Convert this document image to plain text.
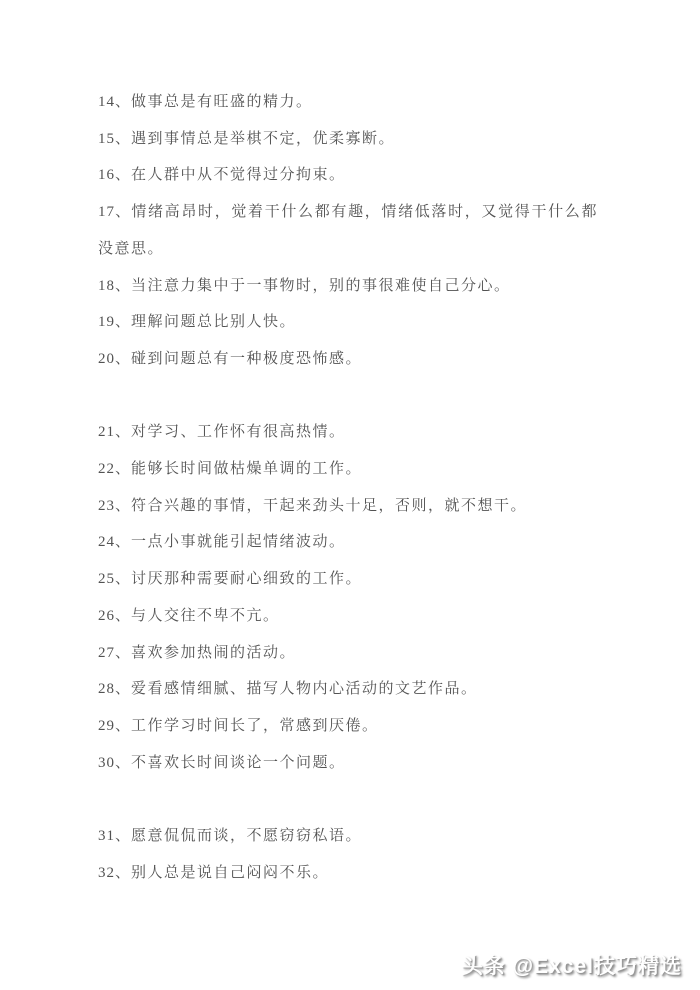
14、做事总是有旺盛的精力。

15、遇到事情总是举棋不定，优柔寡断。

16、在人群中从不觉得过分拘束。

17、情绪高昂时，觉着干什么都有趣，情绪低落时，又觉得干什么都没意思。

18、当注意力集中于一事物时，别的事很难使自己分心。

19、理解问题总比别人快。

20、碰到问题总有一种极度恐怖感。

21、对学习、工作怀有很高热情。

22、能够长时间做枯燥单调的工作。

23、符合兴趣的事情，干起来劲头十足，否则，就不想干。

24、一点小事就能引起情绪波动。

25、讨厌那种需要耐心细致的工作。

26、与人交往不卑不亢。

27、喜欢参加热闹的活动。

28、爱看感情细腻、描写人物内心活动的文艺作品。

29、工作学习时间长了，常感到厌倦。

30、不喜欢长时间谈论一个问题。

31、愿意侃侃而谈，不愿窃窃私语。

32、别人总是说自己闷闷不乐。

头条 @Excel技巧精选
